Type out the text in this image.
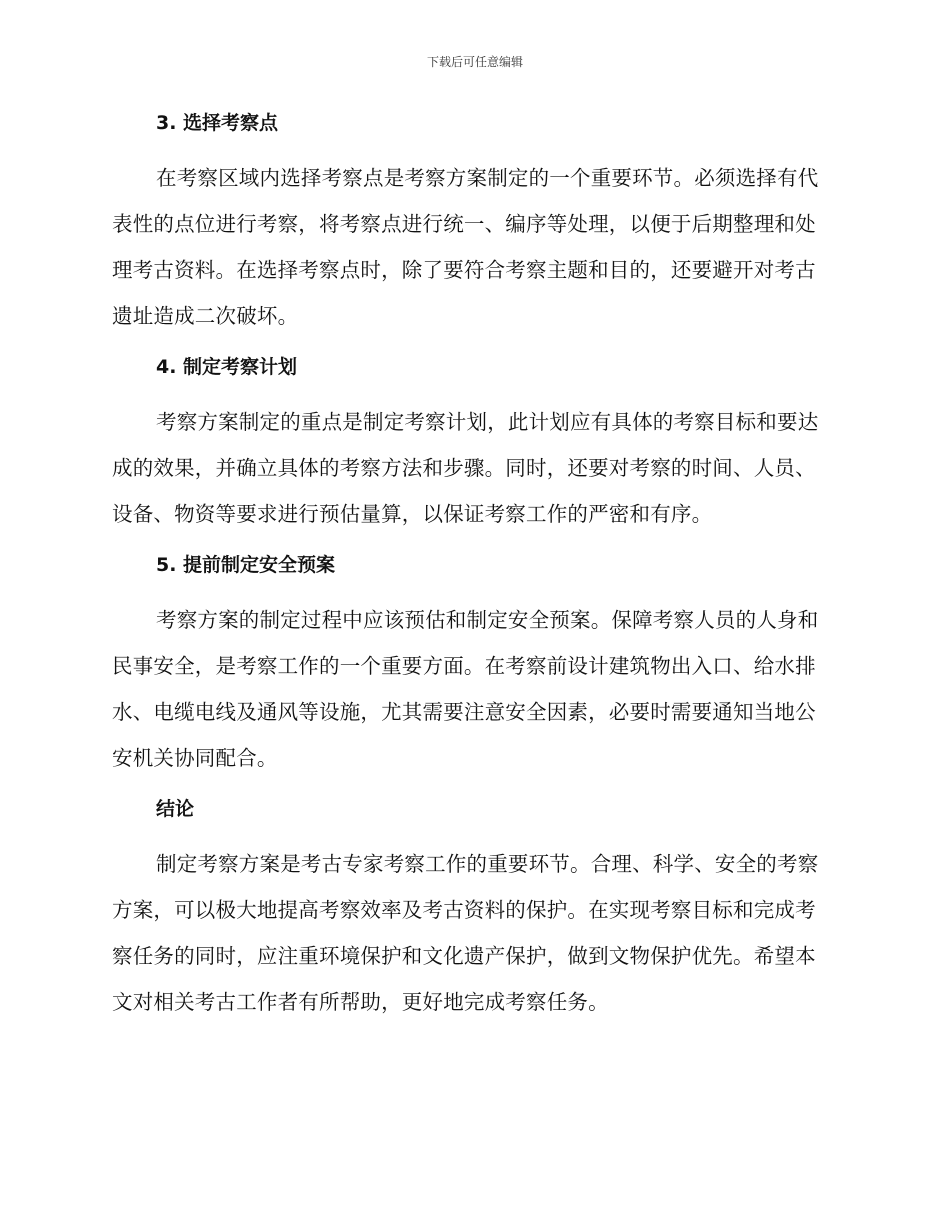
下载后可任意编辑
3. 选择考察点

在考察区域内选择考察点是考察方案制定的一个重要环节。必须选择有代表性的点位进行考察，将考察点进行统一、编序等处理，以便于后期整理和处理考古资料。在选择考察点时，除了要符合考察主题和目的，还要避开对考古遗址造成二次破坏。

4. 制定考察计划

考察方案制定的重点是制定考察计划，此计划应有具体的考察目标和要达成的效果，并确立具体的考察方法和步骤。同时，还要对考察的时间、人员、设备、物资等要求进行预估量算，以保证考察工作的严密和有序。

5. 提前制定安全预案

考察方案的制定过程中应该预估和制定安全预案。保障考察人员的人身和民事安全，是考察工作的一个重要方面。在考察前设计建筑物出入口、给水排水、电缆电线及通风等设施，尤其需要注意安全因素，必要时需要通知当地公安机关协同配合。

结论

制定考察方案是考古专家考察工作的重要环节。合理、科学、安全的考察方案，可以极大地提高考察效率及考古资料的保护。在实现考察目标和完成考察任务的同时，应注重环境保护和文化遗产保护，做到文物保护优先。希望本文对相关考古工作者有所帮助，更好地完成考察任务。
